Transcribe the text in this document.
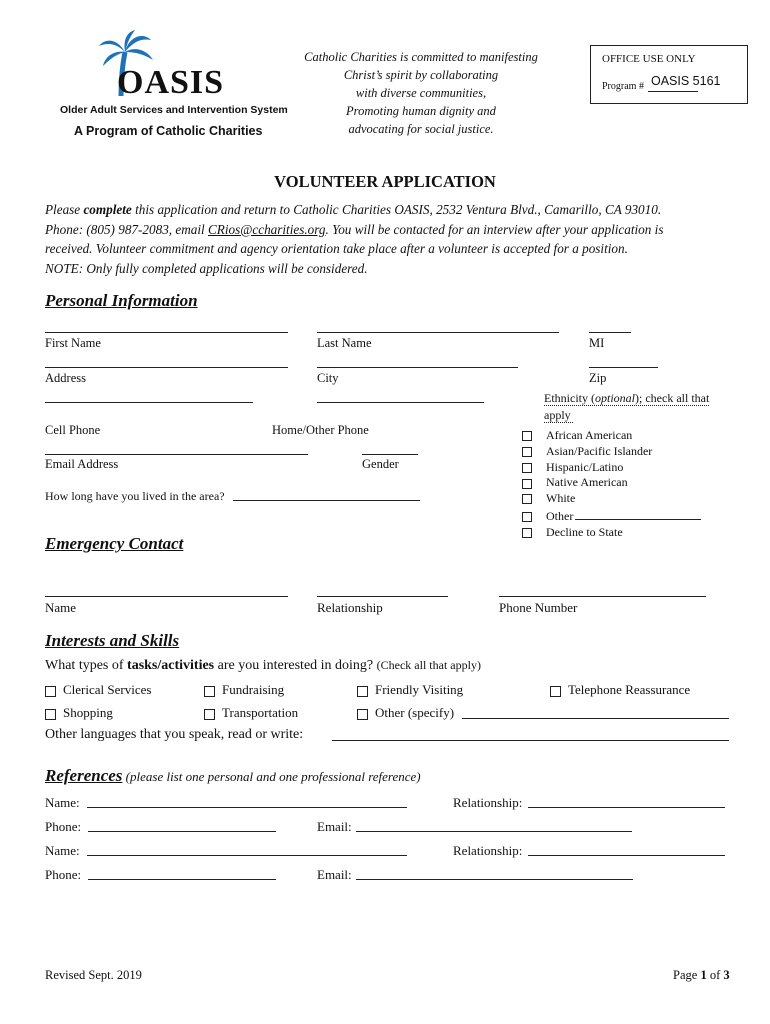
OASIS
Older Adult Services and Intervention System
A Program of Catholic Charities
Catholic Charities is committed to manifesting
Christ’s spirit by collaborating
with diverse communities,
Promoting human dignity and
advocating for social justice.
OFFICE USE ONLY
Program # OASIS 5161
VOLUNTEER APPLICATION
Please complete this application and return to Catholic Charities OASIS, 2532 Ventura Blvd., Camarillo, CA 93010.
Phone: (805) 987-2083, email CRios@ccharities.org. You will be contacted for an interview after your application is
received. Volunteer commitment and agency orientation take place after a volunteer is accepted for a position.
NOTE: Only fully completed applications will be considered.
Personal Information
First Name	Last Name	MI
Address	City	Zip
Cell Phone	Home/Other Phone
Email Address	Gender
How long have you lived in the area?
Ethnicity (optional); check all that
apply
African American
Asian/Pacific Islander
Hispanic/Latino
Native American
White
Other
Decline to State
Emergency Contact
Name	Relationship	Phone Number
Interests and Skills
What types of tasks/activities are you interested in doing? (Check all that apply)
Clerical Services	Fundraising	Friendly Visiting	Telephone Reassurance
Shopping	Transportation	Other (specify)
Other languages that you speak, read or write:
References (please list one personal and one professional reference)
Name:	Relationship:
Phone:	Email:
Name:	Relationship:
Phone:	Email:
Revised Sept. 2019	Page 1 of 3
